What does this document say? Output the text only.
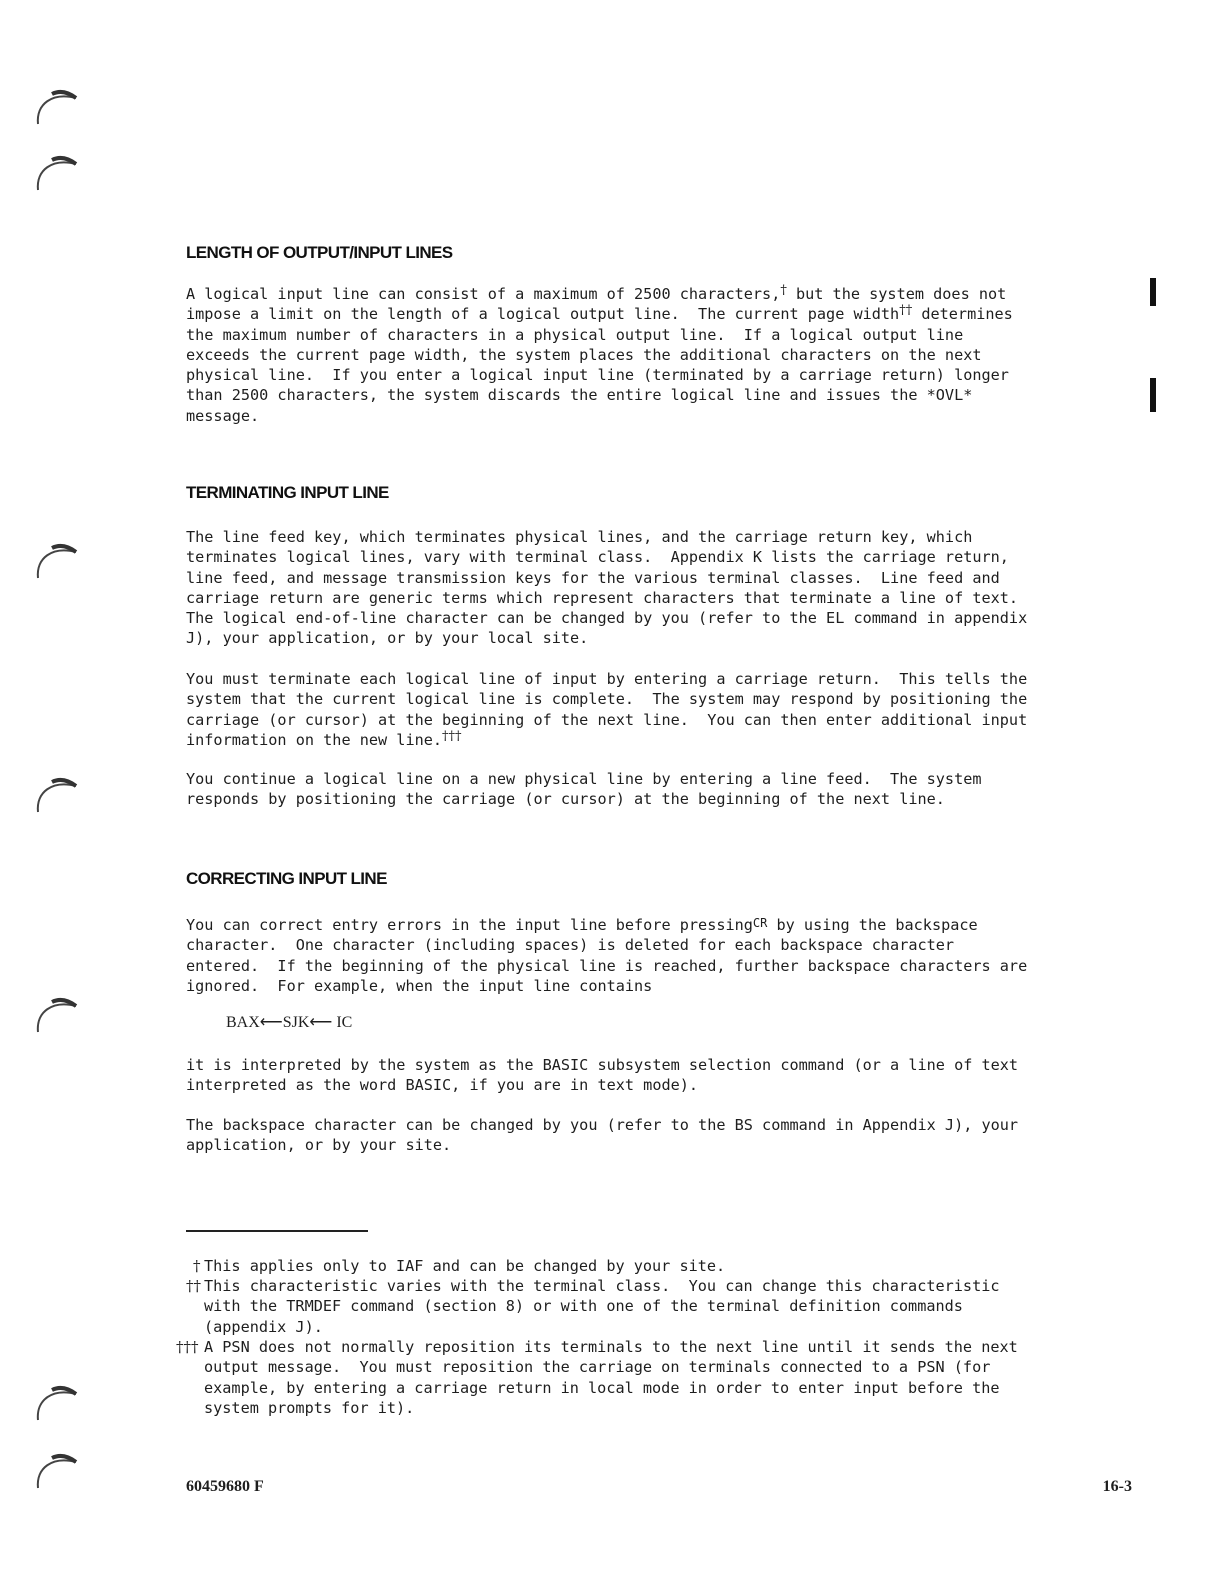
LENGTH OF OUTPUT/INPUT LINES

A logical input line can consist of a maximum of 2500 characters,† but the system does not
impose a limit on the length of a logical output line.  The current page width†† determines
the maximum number of characters in a physical output line.  If a logical output line
exceeds the current page width, the system places the additional characters on the next
physical line.  If you enter a logical input line (terminated by a carriage return) longer
than 2500 characters, the system discards the entire logical line and issues the *OVL*
message.

TERMINATING INPUT LINE

The line feed key, which terminates physical lines, and the carriage return key, which
terminates logical lines, vary with terminal class.  Appendix K lists the carriage return,
line feed, and message transmission keys for the various terminal classes.  Line feed and
carriage return are generic terms which represent characters that terminate a line of text.
The logical end-of-line character can be changed by you (refer to the EL command in appendix
J), your application, or by your local site.

You must terminate each logical line of input by entering a carriage return.  This tells the
system that the current logical line is complete.  The system may respond by positioning the
carriage (or cursor) at the beginning of the next line.  You can then enter additional input
information on the new line.†††

You continue a logical line on a new physical line by entering a line feed.  The system
responds by positioning the carriage (or cursor) at the beginning of the next line.

CORRECTING INPUT LINE

You can correct entry errors in the input line before pressingCR by using the backspace
character.  One character (including spaces) is deleted for each backspace character
entered.  If the beginning of the physical line is reached, further backspace characters are
ignored.  For example, when the input line contains

BAX⟵SJK⟵ IC

it is interpreted by the system as the BASIC subsystem selection command (or a line of text
interpreted as the word BASIC, if you are in text mode).

The backspace character can be changed by you (refer to the BS command in Appendix J), your
application, or by your site.

† This applies only to IAF and can be changed by your site.

†† This characteristic varies with the terminal class.  You can change this characteristic
with the TRMDEF command (section 8) or with one of the terminal definition commands
(appendix J).

††† A PSN does not normally reposition its terminals to the next line until it sends the next
output message.  You must reposition the carriage on terminals connected to a PSN (for
example, by entering a carriage return in local mode in order to enter input before the
system prompts for it).

60459680 F	16-3
